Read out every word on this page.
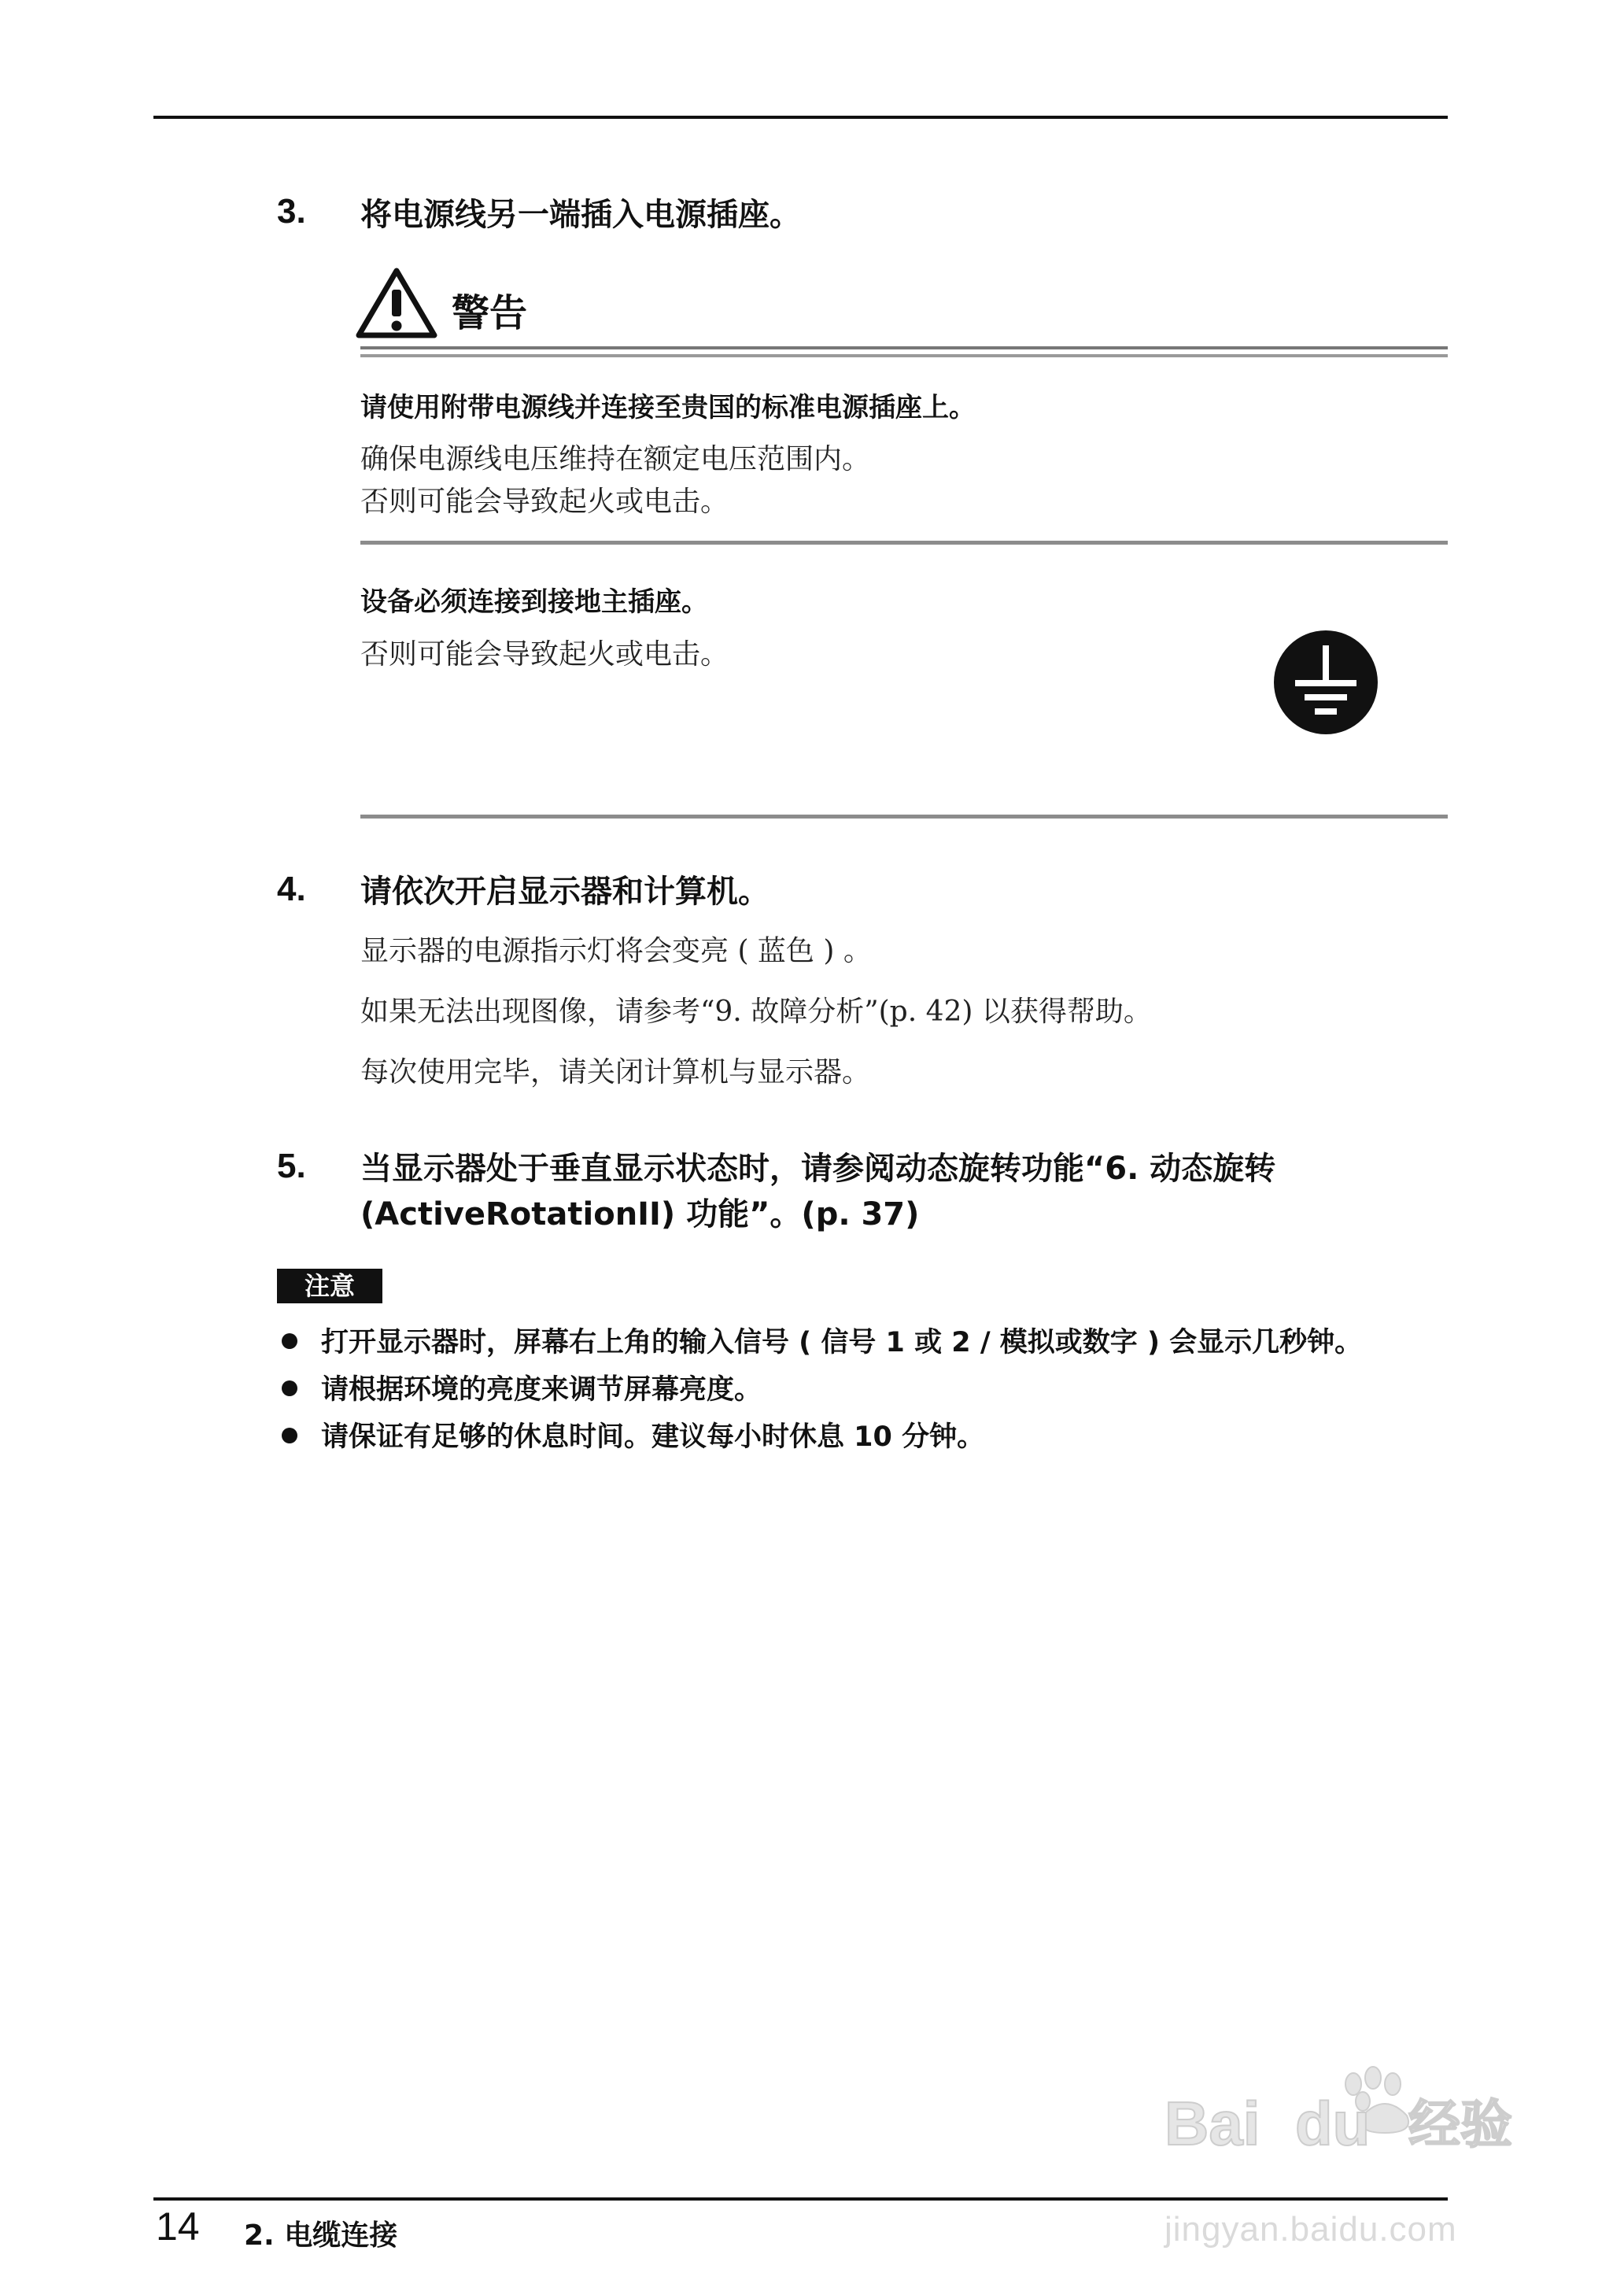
3. 将电源线另一端插入电源插座。
警告
请使用附带电源线并连接至贵国的标准电源插座上。
确保电源线电压维持在额定电压范围内。
否则可能会导致起火或电击。
设备必须连接到接地主插座。
否则可能会导致起火或电击。
4. 请依次开启显示器和计算机。
显示器的电源指示灯将会变亮 ( 蓝色 ) 。
如果无法出现图像，请参考“9. 故障分析”(p. 42) 以获得帮助。
每次使用完毕，请关闭计算机与显示器。
5. 当显示器处于垂直显示状态时，请参阅动态旋转功能“6. 动态旋转
(ActiveRotationII) 功能”。(p. 37)
注意
打开显示器时，屏幕右上角的输入信号 ( 信号 1 或 2 / 模拟或数字 ) 会显示几秒钟。
请根据环境的亮度来调节屏幕亮度。
请保证有足够的休息时间。建议每小时休息 10 分钟。
Bai du 经验
14 2. 电缆连接	jingyan.baidu.com
